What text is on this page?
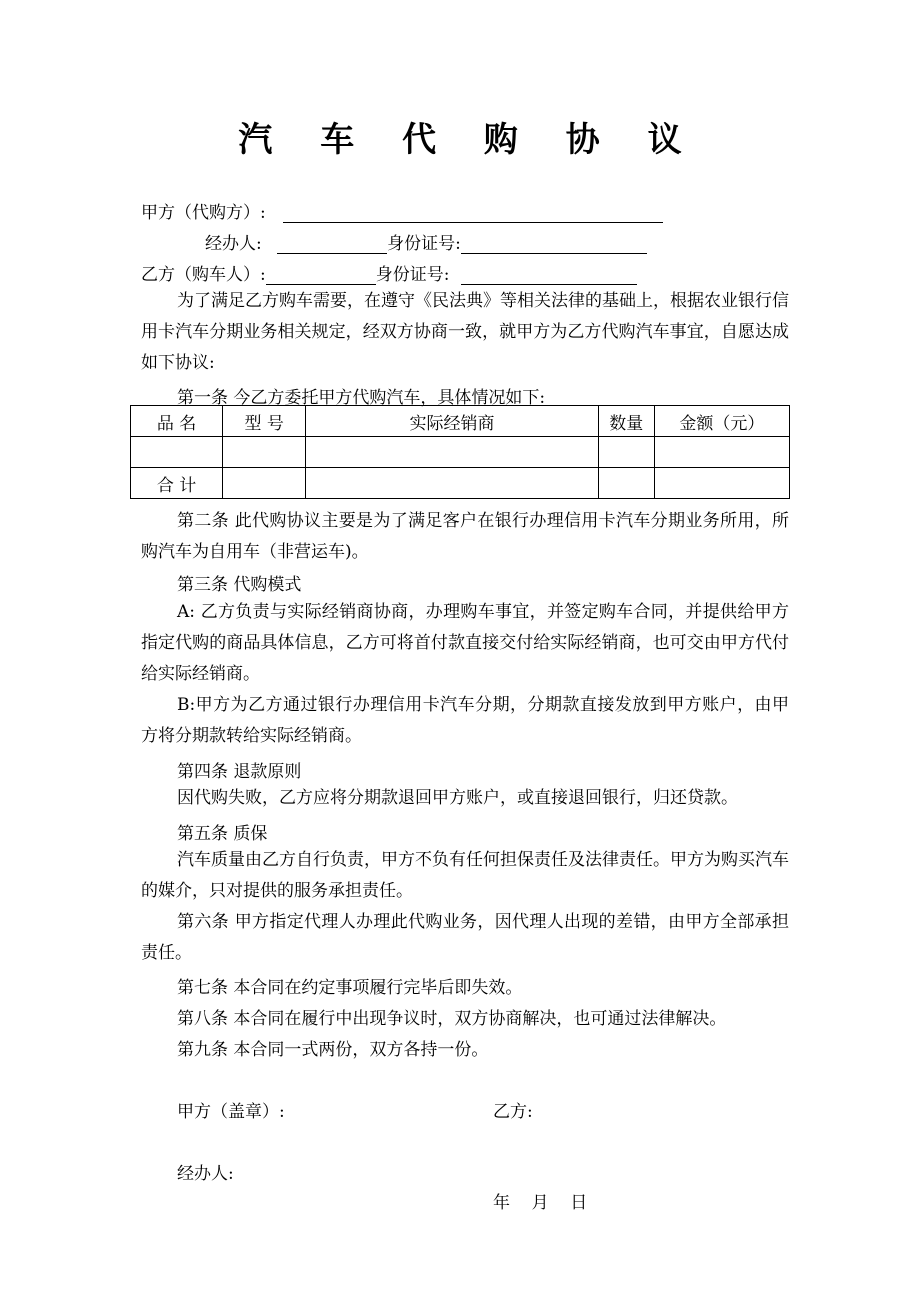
汽 车 代 购 协 议
甲方（代购方）:
经办人:	身份证号:
乙方（购车人）:	身份证号:

为了满足乙方购车需要，在遵守《民法典》等相关法律的基础上，根据农业银行信用卡汽车分期业务相关规定，经双方协商一致，就甲方为乙方代购汽车事宜，自愿达成如下协议:

第一条 今乙方委托甲方代购汽车，具体情况如下:

品 名	型 号	实际经销商	数量	金额（元）

合 计				

第二条 此代购协议主要是为了满足客户在银行办理信用卡汽车分期业务所用，所购汽车为自用车（非营运车)。

第三条 代购模式

A: 乙方负责与实际经销商协商，办理购车事宜，并签定购车合同，并提供给甲方指定代购的商品具体信息，乙方可将首付款直接交付给实际经销商，也可交由甲方代付给实际经销商。

B:甲方为乙方通过银行办理信用卡汽车分期，分期款直接发放到甲方账户，由甲方将分期款转给实际经销商。

第四条 退款原则

因代购失败，乙方应将分期款退回甲方账户，或直接退回银行，归还贷款。

第五条 质保

汽车质量由乙方自行负责，甲方不负有任何担保责任及法律责任。甲方为购买汽车的媒介，只对提供的服务承担责任。

第六条 甲方指定代理人办理此代购业务，因代理人出现的差错，由甲方全部承担责任。

第七条 本合同在约定事项履行完毕后即失效。

第八条 本合同在履行中出现争议时，双方协商解决，也可通过法律解决。

第九条 本合同一式两份，双方各持一份。

甲方（盖章）:	乙方:
经办人:
年    月    日
